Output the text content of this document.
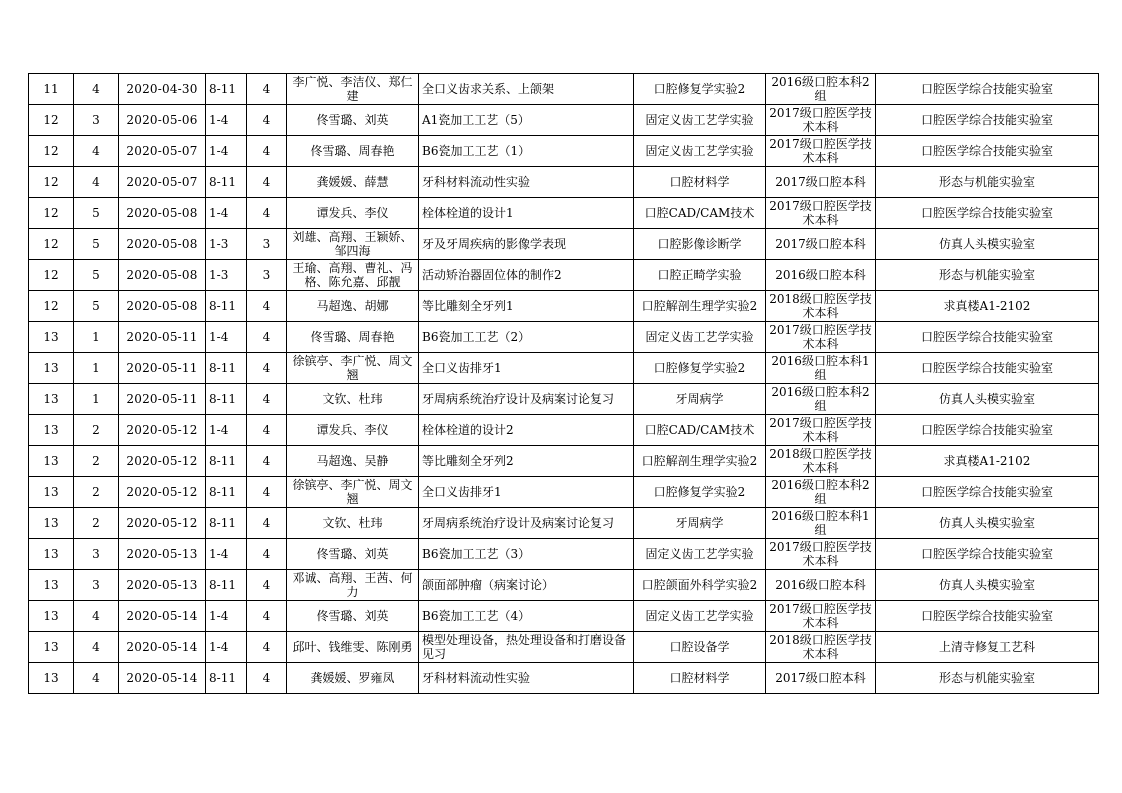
11	4	2020-04-30	8-11	4	李广悦、李洁仪、郑仁建	全口义齿求关系、上颌架	口腔修复学实验2	2016级口腔本科2组	口腔医学综合技能实验室
12	3	2020-05-06	1-4	4	佟雪璐、刘英	A1瓷加工工艺（5）	固定义齿工艺学实验	2017级口腔医学技术本科	口腔医学综合技能实验室
12	4	2020-05-07	1-4	4	佟雪璐、周春艳	B6瓷加工工艺（1）	固定义齿工艺学实验	2017级口腔医学技术本科	口腔医学综合技能实验室
12	4	2020-05-07	8-11	4	龚媛媛、薛慧	牙科材料流动性实验	口腔材料学	2017级口腔本科	形态与机能实验室
12	5	2020-05-08	1-4	4	谭发兵、李仪	栓体栓道的设计1	口腔CAD/CAM技术	2017级口腔医学技术本科	口腔医学综合技能实验室
12	5	2020-05-08	1-3	3	刘雄、高翔、王颖娇、邹四海	牙及牙周疾病的影像学表现	口腔影像诊断学	2017级口腔本科	仿真人头模实验室
12	5	2020-05-08	1-3	3	王瑜、高翔、曹礼、冯格、陈允嘉、邱靓	活动矫治器固位体的制作2	口腔正畸学实验	2016级口腔本科	形态与机能实验室
12	5	2020-05-08	8-11	4	马超逸、胡娜	等比雕刻全牙列1	口腔解剖生理学实验2	2018级口腔医学技术本科	求真楼A1-2102
13	1	2020-05-11	1-4	4	佟雪璐、周春艳	B6瓷加工工艺（2）	固定义齿工艺学实验	2017级口腔医学技术本科	口腔医学综合技能实验室
13	1	2020-05-11	8-11	4	徐镔亭、李广悦、周文翘	全口义齿排牙1	口腔修复学实验2	2016级口腔本科1组	口腔医学综合技能实验室
13	1	2020-05-11	8-11	4	文钦、杜玮	牙周病系统治疗设计及病案讨论复习	牙周病学	2016级口腔本科2组	仿真人头模实验室
13	2	2020-05-12	1-4	4	谭发兵、李仪	栓体栓道的设计2	口腔CAD/CAM技术	2017级口腔医学技术本科	口腔医学综合技能实验室
13	2	2020-05-12	8-11	4	马超逸、吴静	等比雕刻全牙列2	口腔解剖生理学实验2	2018级口腔医学技术本科	求真楼A1-2102
13	2	2020-05-12	8-11	4	徐镔亭、李广悦、周文翘	全口义齿排牙1	口腔修复学实验2	2016级口腔本科2组	口腔医学综合技能实验室
13	2	2020-05-12	8-11	4	文钦、杜玮	牙周病系统治疗设计及病案讨论复习	牙周病学	2016级口腔本科1组	仿真人头模实验室
13	3	2020-05-13	1-4	4	佟雪璐、刘英	B6瓷加工工艺（3）	固定义齿工艺学实验	2017级口腔医学技术本科	口腔医学综合技能实验室
13	3	2020-05-13	8-11	4	邓诚、高翔、王茜、何力	颌面部肿瘤（病案讨论）	口腔颌面外科学实验2	2016级口腔本科	仿真人头模实验室
13	4	2020-05-14	1-4	4	佟雪璐、刘英	B6瓷加工工艺（4）	固定义齿工艺学实验	2017级口腔医学技术本科	口腔医学综合技能实验室
13	4	2020-05-14	1-4	4	邱叶、钱维雯、陈刚勇	模型处理设备，热处理设备和打磨设备见习	口腔设备学	2018级口腔医学技术本科	上清寺修复工艺科
13	4	2020-05-14	8-11	4	龚媛媛、罗雍凤	牙科材料流动性实验	口腔材料学	2017级口腔本科	形态与机能实验室
